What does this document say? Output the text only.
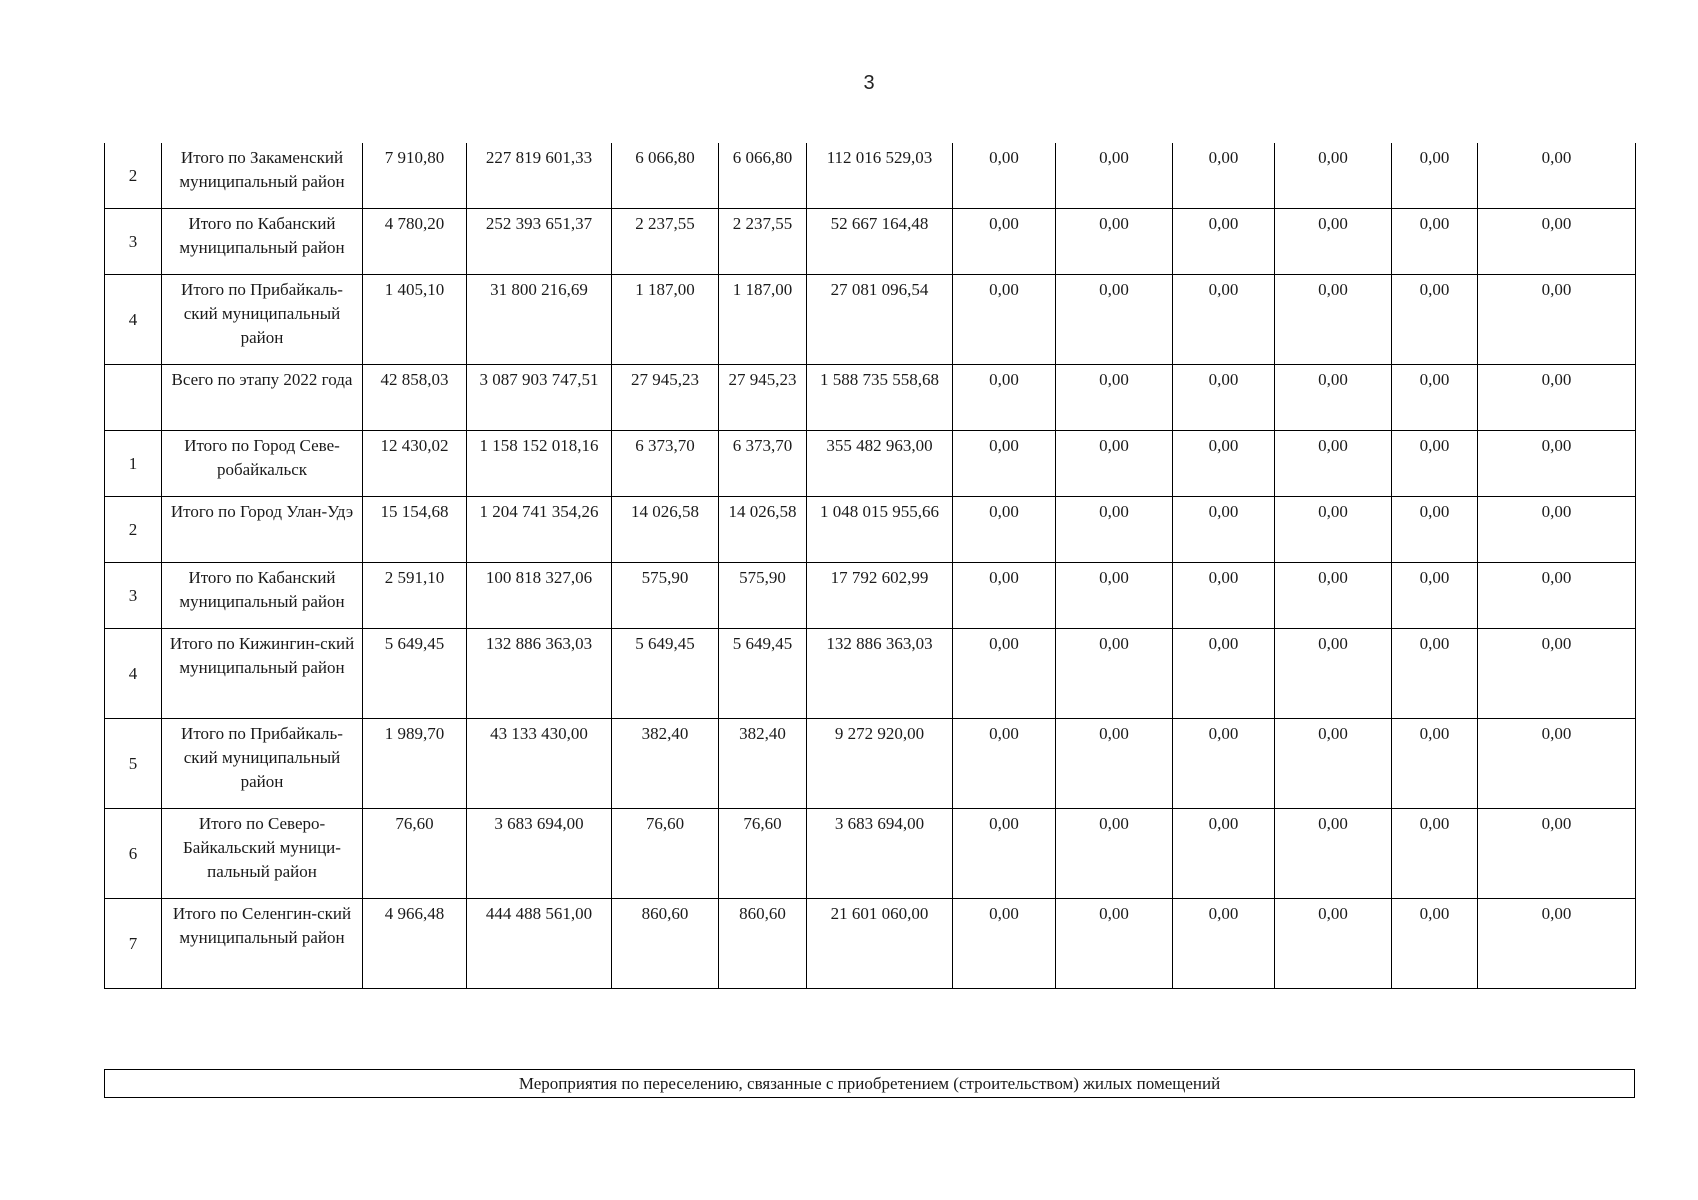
3
2	Итого по Закаменский муниципальный район	7 910,80	227 819 601,33	6 066,80	6 066,80	112 016 529,03	0,00	0,00	0,00	0,00	0,00	0,00
3	Итого по Кабанский муниципальный район	4 780,20	252 393 651,37	2 237,55	2 237,55	52 667 164,48	0,00	0,00	0,00	0,00	0,00	0,00
4	Итого по Прибайкаль-ский муниципальный район	1 405,10	31 800 216,69	1 187,00	1 187,00	27 081 096,54	0,00	0,00	0,00	0,00	0,00	0,00
	Всего по этапу 2022 года	42 858,03	3 087 903 747,51	27 945,23	27 945,23	1 588 735 558,68	0,00	0,00	0,00	0,00	0,00	0,00
1	Итого по Город Севе-робайкальск	12 430,02	1 158 152 018,16	6 373,70	6 373,70	355 482 963,00	0,00	0,00	0,00	0,00	0,00	0,00
2	Итого по Город Улан-Удэ	15 154,68	1 204 741 354,26	14 026,58	14 026,58	1 048 015 955,66	0,00	0,00	0,00	0,00	0,00	0,00
3	Итого по Кабанский муниципальный район	2 591,10	100 818 327,06	575,90	575,90	17 792 602,99	0,00	0,00	0,00	0,00	0,00	0,00
4	Итого по Кижингин-ский муниципальный район	5 649,45	132 886 363,03	5 649,45	5 649,45	132 886 363,03	0,00	0,00	0,00	0,00	0,00	0,00
5	Итого по Прибайкаль-ский муниципальный район	1 989,70	43 133 430,00	382,40	382,40	9 272 920,00	0,00	0,00	0,00	0,00	0,00	0,00
6	Итого по Северо-Байкальский муници-пальный район	76,60	3 683 694,00	76,60	76,60	3 683 694,00	0,00	0,00	0,00	0,00	0,00	0,00
7	Итого по Селенгин-ский муниципальный район	4 966,48	444 488 561,00	860,60	860,60	21 601 060,00	0,00	0,00	0,00	0,00	0,00	0,00
Мероприятия по переселению, связанные с приобретением (строительством) жилых помещений
